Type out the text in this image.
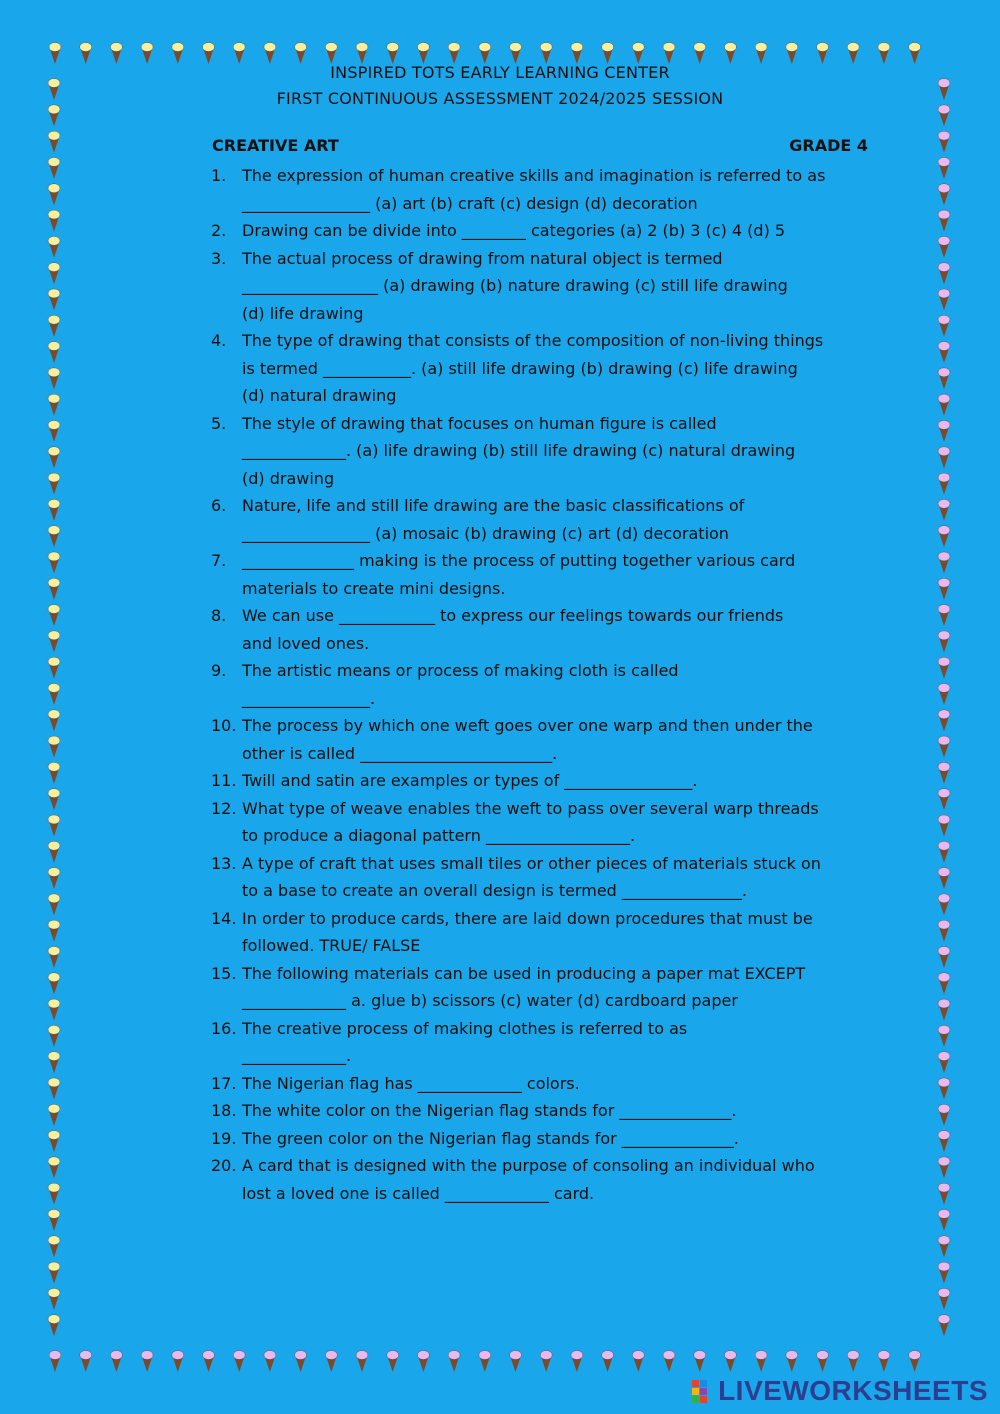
INSPIRED TOTS EARLY LEARNING CENTER
FIRST CONTINUOUS ASSESSMENT 2024/2025 SESSION
CREATIVE ART	GRADE 4
1. The expression of human creative skills and imagination is referred to as
________________ (a) art (b) craft (c) design (d) decoration
2. Drawing can be divide into ________ categories (a) 2 (b) 3 (c) 4 (d) 5
3. The actual process of drawing from natural object is termed
_________________ (a) drawing (b) nature drawing (c) still life drawing
(d) life drawing
4. The type of drawing that consists of the composition of non-living things
is termed ___________. (a) still life drawing (b) drawing (c) life drawing
(d) natural drawing
5. The style of drawing that focuses on human figure is called
_____________. (a) life drawing (b) still life drawing (c) natural drawing
(d) drawing
6. Nature, life and still life drawing are the basic classifications of
________________ (a) mosaic (b) drawing (c) art (d) decoration
7. ______________ making is the process of putting together various card
materials to create mini designs.
8. We can use ____________ to express our feelings towards our friends
and loved ones.
9. The artistic means or process of making cloth is called
________________.
10. The process by which one weft goes over one warp and then under the
other is called ________________________.
11. Twill and satin are examples or types of ________________.
12. What type of weave enables the weft to pass over several warp threads
to produce a diagonal pattern __________________.
13. A type of craft that uses small tiles or other pieces of materials stuck on
to a base to create an overall design is termed _______________.
14. In order to produce cards, there are laid down procedures that must be
followed. TRUE/ FALSE
15. The following materials can be used in producing a paper mat EXCEPT
_____________ a. glue b) scissors (c) water (d) cardboard paper
16. The creative process of making clothes is referred to as
_____________.
17. The Nigerian flag has _____________ colors.
18. The white color on the Nigerian flag stands for ______________.
19. The green color on the Nigerian flag stands for ______________.
20. A card that is designed with the purpose of consoling an individual who
lost a loved one is called _____________ card.
LIVEWORKSHEETS
